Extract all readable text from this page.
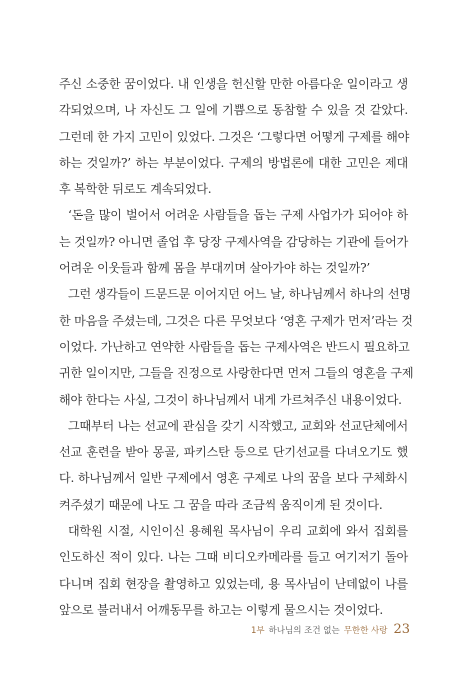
주신 소중한 꿈이었다. 내 인생을 헌신할 만한 아름다운 일이라고 생
각되었으며, 나 자신도 그 일에 기쁨으로 동참할 수 있을 것 같았다.
그런데 한 가지 고민이 있었다. 그것은 ‘그렇다면 어떻게 구제를 해야
하는 것일까?’ 하는 부분이었다. 구제의 방법론에 대한 고민은 제대
후 복학한 뒤로도 계속되었다.
‘돈을 많이 벌어서 어려운 사람들을 돕는 구제 사업가가 되어야 하
는 것일까? 아니면 졸업 후 당장 구제사역을 감당하는 기관에 들어가
어려운 이웃들과 함께 몸을 부대끼며 살아가야 하는 것일까?’
그런 생각들이 드문드문 이어지던 어느 날, 하나님께서 하나의 선명
한 마음을 주셨는데, 그것은 다른 무엇보다 ‘영혼 구제가 먼저’라는 것
이었다. 가난하고 연약한 사람들을 돕는 구제사역은 반드시 필요하고
귀한 일이지만, 그들을 진정으로 사랑한다면 먼저 그들의 영혼을 구제
해야 한다는 사실, 그것이 하나님께서 내게 가르쳐주신 내용이었다.
그때부터 나는 선교에 관심을 갖기 시작했고, 교회와 선교단체에서
선교 훈련을 받아 몽골, 파키스탄 등으로 단기선교를 다녀오기도 했
다. 하나님께서 일반 구제에서 영혼 구제로 나의 꿈을 보다 구체화시
켜주셨기 때문에 나도 그 꿈을 따라 조금씩 움직이게 된 것이다.
대학원 시절, 시인이신 용혜원 목사님이 우리 교회에 와서 집회를
인도하신 적이 있다. 나는 그때 비디오카메라를 들고 여기저기 돌아
다니며 집회 현장을 촬영하고 있었는데, 용 목사님이 난데없이 나를
앞으로 불러내서 어깨동무를 하고는 이렇게 물으시는 것이었다.
1부 하나님의 조건 없는 무한한 사랑 23
